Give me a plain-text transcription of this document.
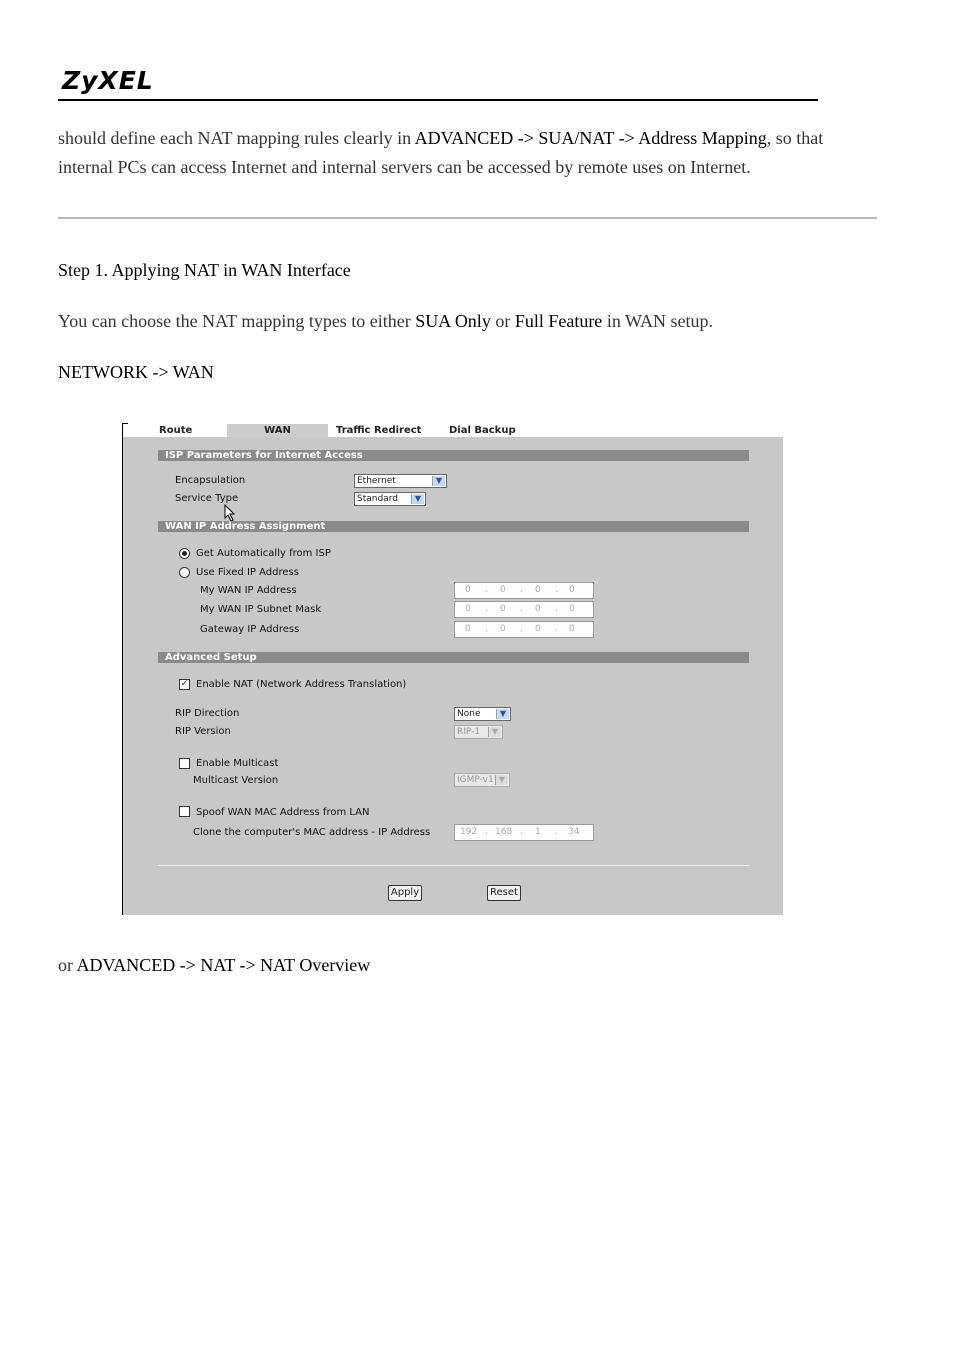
ZyXEL
should define each NAT mapping rules clearly in ADVANCED -> SUA/NAT -> Address Mapping, so that
internal PCs can access Internet and internal servers can be accessed by remote uses on Internet.
Step 1. Applying NAT in WAN Interface
You can choose the NAT mapping types to either SUA Only or Full Feature in WAN setup.
NETWORK -> WAN
Route	WAN	Traffic Redirect	Dial Backup
ISP Parameters for Internet Access
Encapsulation	Ethernet	▼
Service Type	Standard	▼
WAN IP Address Assignment
Get Automatically from ISP
Use Fixed IP Address
My WAN IP Address	0 . 0 . 0 . 0
My WAN IP Subnet Mask	0 . 0 . 0 . 0
Gateway IP Address	0 . 0 . 0 . 0
Advanced Setup
✓ Enable NAT (Network Address Translation)
RIP Direction	None	▼
RIP Version	RIP-1	▼
Enable Multicast
Multicast Version	IGMP-v1 ▼
Spoof WAN MAC Address from LAN
Clone the computer's MAC address - IP Address	192 . 168 . 1 . 34
Apply	Reset
or ADVANCED -> NAT -> NAT Overview
